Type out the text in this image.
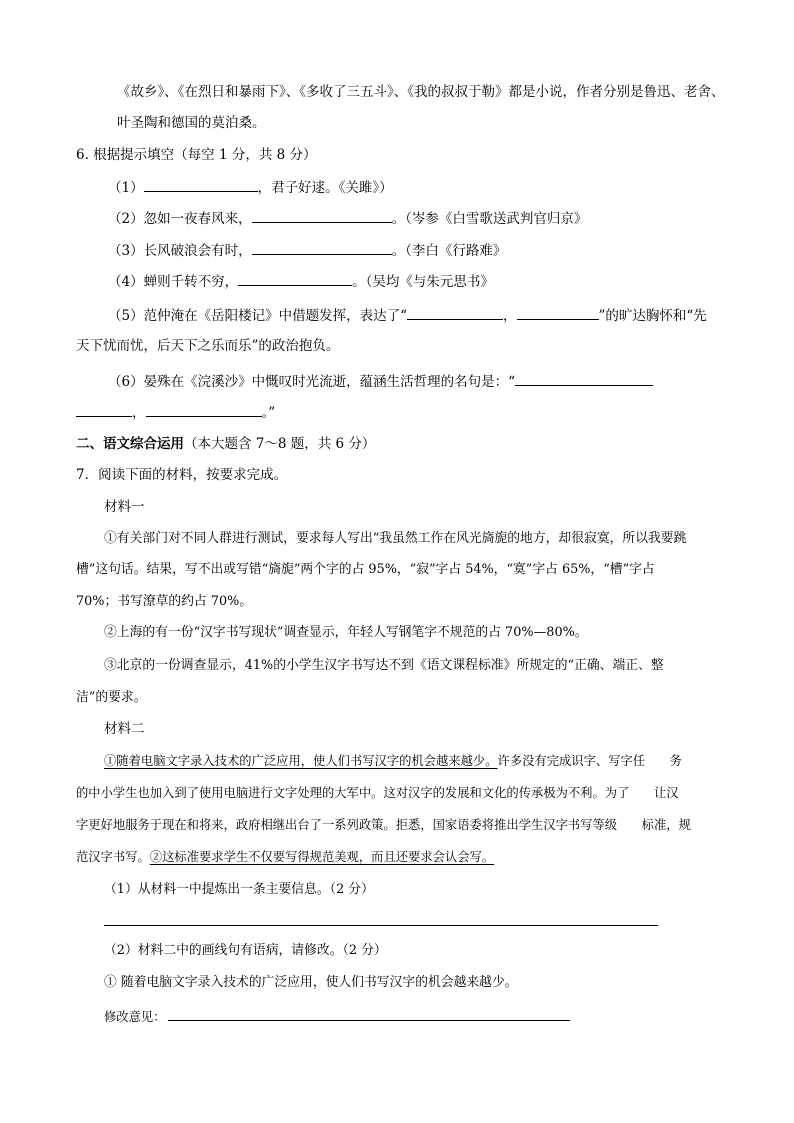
《故乡》、《在烈日和暴雨下》、《多收了三五斗》、《我的叔叔于勒》都是小说，作者分别是鲁迅、老舍、
叶圣陶和德国的莫泊桑。
6. 根据提示填空（每空 1 分，共 8 分）
（1）	，君子好逑。《关雎》）
（2）忽如一夜春风来，	。（岑参《白雪歌送武判官归京》
（3）长风破浪会有时，	。（李白《行路难》
（4）蝉则千转不穷，	。（吴均《与朱元思书》
（5）范仲淹在《岳阳楼记》中借题发挥，表达了“	，	”的旷达胸怀和“先
天下忧而忧，后天下之乐而乐”的政治抱负。
（6）晏殊在《浣溪沙》中慨叹时光流逝，蕴涵生活哲理的名句是：“
，	。”
二、语文综合运用（本大题含 7～8 题，共 6 分）
7．阅读下面的材料，按要求完成。
材料一
①有关部门对不同人群进行测试，要求每人写出“我虽然工作在风光旖旎的地方，却很寂寞，所以我要跳
槽”这句话。结果，写不出或写错“旖旎”两个字的占 95%，“寂”字占 54%，“寞”字占 65%，“槽”字占
70%；书写潦草的约占 70%。
②上海的有一份“汉字书写现状”调查显示，年轻人写钢笔字不规范的占 70%—80%。
③北京的一份调查显示，41%的小学生汉字书写达不到《语文课程标准》所规定的“正确、端正、整
洁”的要求。
材料二
①随着电脑文字录入技术的广泛应用，使人们书写汉字的机会越来越少。许多没有完成识字、写字任　　务
的中小学生也加入到了使用电脑进行文字处理的大军中。这对汉字的发展和文化的传承极为不利。为了　　让汉
字更好地服务于现在和将来，政府相继出台了一系列政策。拒悉，国家语委将推出学生汉字书写等级　　标准，规
范汉字书写。②这标准要求学生不仅要写得规范美观，而且还要求会认会写。
（1）从材料一中提炼出一条主要信息。（2 分）
（2）材料二中的画线句有语病，请修改。（2 分）
① 随着电脑文字录入技术的广泛应用，使人们书写汉字的机会越来越少。
修改意见：
